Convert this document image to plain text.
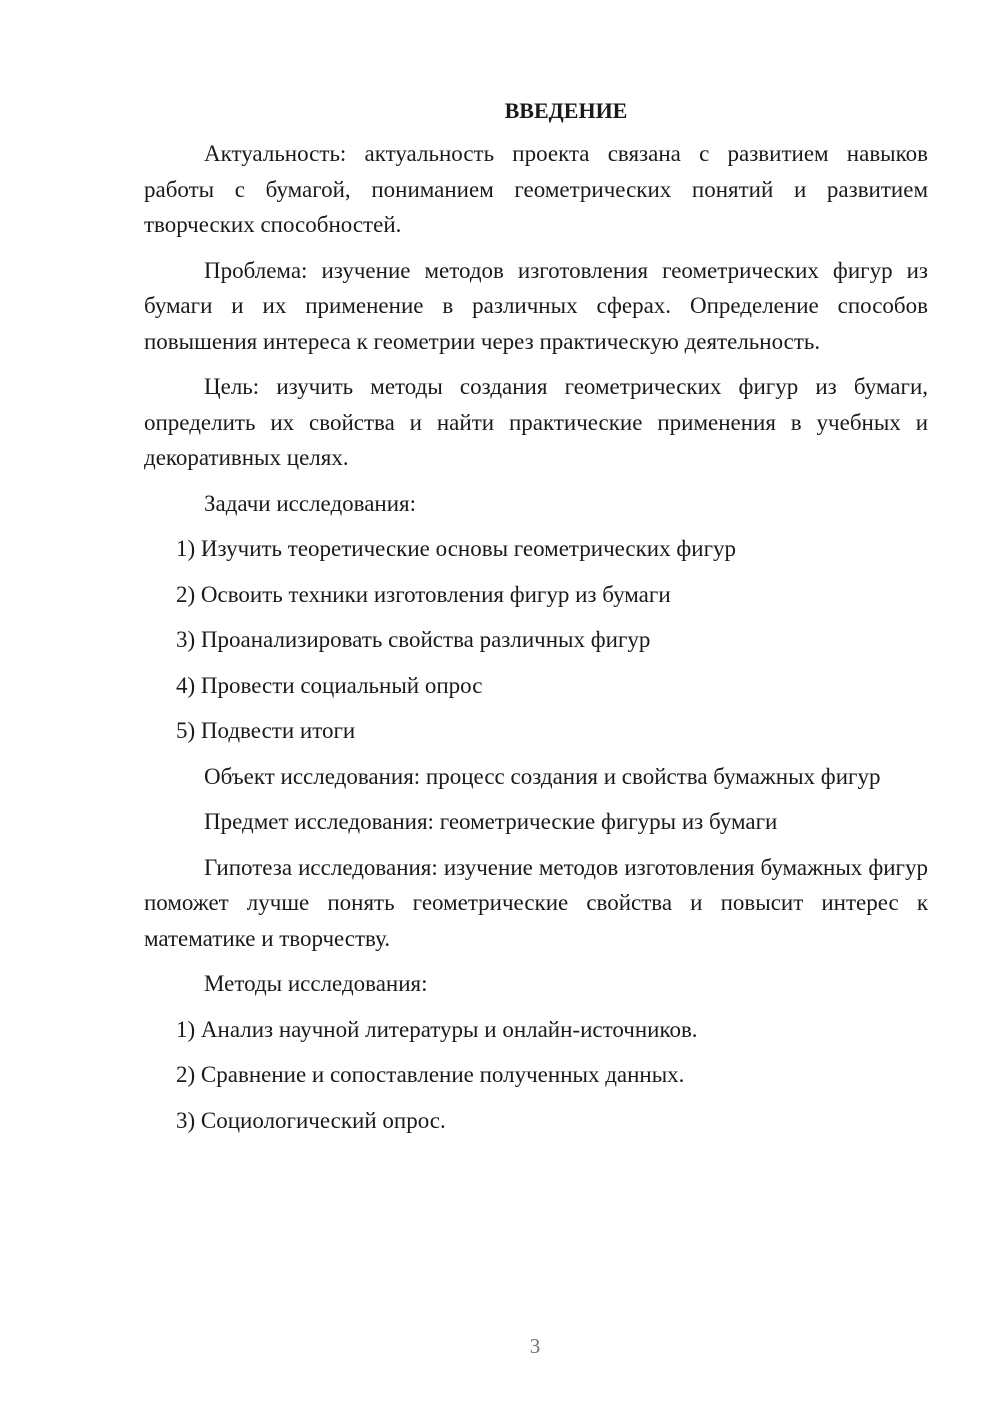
ВВЕДЕНИЕ

Актуальность: актуальность проекта связана с развитием навыков работы с бумагой, пониманием геометрических понятий и развитием творческих способностей.

Проблема: изучение методов изготовления геометрических фигур из бумаги и их применение в различных сферах. Определение способов повышения интереса к геометрии через практическую деятельность.

Цель: изучить методы создания геометрических фигур из бумаги, определить их свойства и найти практические применения в учебных и декоративных целях.

Задачи исследования:
1) Изучить теоретические основы геометрических фигур
2) Освоить техники изготовления фигур из бумаги
3) Проанализировать свойства различных фигур
4) Провести социальный опрос
5) Подвести итоги

Объект исследования: процесс создания и свойства бумажных фигур

Предмет исследования: геометрические фигуры из бумаги

Гипотеза исследования: изучение методов изготовления бумажных фигур поможет лучше понять геометрические свойства и повысит интерес к математике и творчеству.

Методы исследования:
1) Анализ научной литературы и онлайн-источников.
2) Сравнение и сопоставление полученных данных.
3) Социологический опрос.
3
